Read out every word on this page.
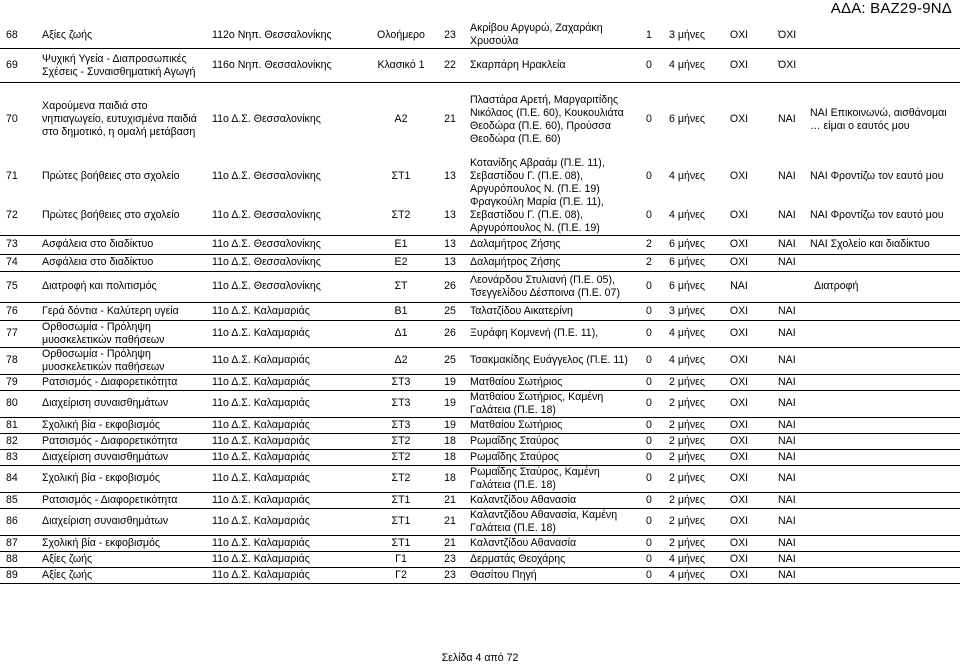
ΑΔΑ: ΒΑΖ29-9ΝΔ
68	Αξίες ζωής	112ο Νηπ. Θεσσαλονίκης	Ολοήμερο	23	Ακρίβου Αργυρώ, Ζαχαράκη Χρυσούλα	1	3 μήνες	ΟΧΙ	ΌΧΙ	
69	Ψυχική Υγεία - Διαπροσωπικές Σχέσεις - Συναισθηματική Αγωγή	116ο Νηπ. Θεσσαλονίκης	Κλασικό 1	22	Σκαρπάρη Ηρακλεία	0	4 μήνες	ΟΧΙ	ΌΧΙ	
70	Χαρούμενα παιδιά στο νηπιαγωγείο, ευτυχισμένα παιδιά στο δημοτικό, η ομαλή μετάβαση	11ο Δ.Σ. Θεσσαλονίκης	Α2	21	Πλαστάρα Αρετή, Μαργαριτίδης Νικόλαος (Π.Ε. 60), Κουκουλιάτα Θεοδώρα (Π.Ε. 60), Προύσσα Θεοδώρα (Π.Ε. 60)	0	6 μήνες	ΟΧΙ	ΝΑΙ	ΝΑΙ Επικοινωνώ, αισθάνομαι … είμαι ο εαυτός μου
71	Πρώτες βοήθειες στο σχολείο	11ο Δ.Σ. Θεσσαλονίκης	ΣΤ1	13	Κοτανίδης Αβραάμ (Π.Ε. 11), Σεβαστίδου Γ. (Π.Ε. 08), Αργυρόπουλος Ν. (Π.Ε. 19)	0	4 μήνες	ΟΧΙ	ΝΑΙ	ΝΑΙ Φροντίζω τον εαυτό μου
72	Πρώτες βοήθειες στο σχολείο	11ο Δ.Σ. Θεσσαλονίκης	ΣΤ2	13	Φραγκούλη Μαρία (Π.Ε. 11), Σεβαστίδου Γ. (Π.Ε. 08), Αργυρόπουλος Ν. (Π.Ε. 19)	0	4 μήνες	ΟΧΙ	ΝΑΙ	ΝΑΙ Φροντίζω τον εαυτό μου
73	Ασφάλεια στο διαδίκτυο	11ο Δ.Σ. Θεσσαλονίκης	Ε1	13	Δαλαμήτρος Ζήσης	2	6 μήνες	ΟΧΙ	ΝΑΙ	ΝΑΙ Σχολείο και διαδίκτυο
74	Ασφάλεια στο διαδίκτυο	11ο Δ.Σ. Θεσσαλονίκης	Ε2	13	Δαλαμήτρος Ζήσης	2	6 μήνες	ΟΧΙ	ΝΑΙ	
75	Διατροφή και πολιτισμός	11ο Δ.Σ. Θεσσαλονίκης	ΣΤ	26	Λεονάρδου Στυλιανή (Π.Ε. 05), Τσεγγελίδου Δέσποινα (Π.Ε. 07)	0	6 μήνες	ΝΑΙ		Διατροφή
76	Γερά δόντια - Καλύτερη υγεία	11ο Δ.Σ. Καλαμαριάς	Β1	25	Ταλατζίδου Αικατερίνη	0	3 μήνες	ΟΧΙ	ΝΑΙ	
77	Ορθοσωμία - Πρόληψη μυοσκελετικών παθήσεων	11ο Δ.Σ. Καλαμαριάς	Δ1	26	Ξυράφη Κομνενή (Π.Ε. 11),	0	4 μήνες	ΟΧΙ	ΝΑΙ	
78	Ορθοσωμία - Πρόληψη μυοσκελετικών παθήσεων	11ο Δ.Σ. Καλαμαριάς	Δ2	25	Τσακμακίδης Ευάγγελος (Π.Ε. 11)	0	4 μήνες	ΟΧΙ	ΝΑΙ	
79	Ρατσισμός - Διαφορετικότητα	11ο Δ.Σ. Καλαμαριάς	ΣΤ3	19	Ματθαίου Σωτήριος	0	2 μήνες	ΟΧΙ	ΝΑΙ	
80	Διαχείριση συναισθημάτων	11ο Δ.Σ. Καλαμαριάς	ΣΤ3	19	Ματθαίου Σωτήριος, Καμένη Γαλάτεια (Π.Ε. 18)	0	2 μήνες	ΟΧΙ	ΝΑΙ	
81	Σχολική βία - εκφοβισμός	11ο Δ.Σ. Καλαμαριάς	ΣΤ3	19	Ματθαίου Σωτήριος	0	2 μήνες	ΟΧΙ	ΝΑΙ	
82	Ρατσισμός - Διαφορετικότητα	11ο Δ.Σ. Καλαμαριάς	ΣΤ2	18	Ρωμαΐδης Σταύρος	0	2 μήνες	ΟΧΙ	ΝΑΙ	
83	Διαχείριση συναισθημάτων	11ο Δ.Σ. Καλαμαριάς	ΣΤ2	18	Ρωμαΐδης Σταύρος	0	2 μήνες	ΟΧΙ	ΝΑΙ	
84	Σχολική βία - εκφοβισμός	11ο Δ.Σ. Καλαμαριάς	ΣΤ2	18	Ρωμαΐδης Σταύρος, Καμένη Γαλάτεια (Π.Ε. 18)	0	2 μήνες	ΟΧΙ	ΝΑΙ	
85	Ρατσισμός - Διαφορετικότητα	11ο Δ.Σ. Καλαμαριάς	ΣΤ1	21	Καλαντζίδου Αθανασία	0	2 μήνες	ΟΧΙ	ΝΑΙ	
86	Διαχείριση συναισθημάτων	11ο Δ.Σ. Καλαμαριάς	ΣΤ1	21	Καλαντζίδου Αθανασία, Καμένη Γαλάτεια (Π.Ε. 18)	0	2 μήνες	ΟΧΙ	ΝΑΙ	
87	Σχολική βία - εκφοβισμός	11ο Δ.Σ. Καλαμαριάς	ΣΤ1	21	Καλαντζίδου Αθανασία	0	2 μήνες	ΟΧΙ	ΝΑΙ	
88	Αξίες ζωής	11ο Δ.Σ. Καλαμαριάς	Γ1	23	Δερματάς Θεοχάρης	0	4 μήνες	ΟΧΙ	ΝΑΙ	
89	Αξίες ζωής	11ο Δ.Σ. Καλαμαριάς	Γ2	23	Θασίτου Πηγή	0	4 μήνες	ΟΧΙ	ΝΑΙ	
Σελίδα 4 από 72
